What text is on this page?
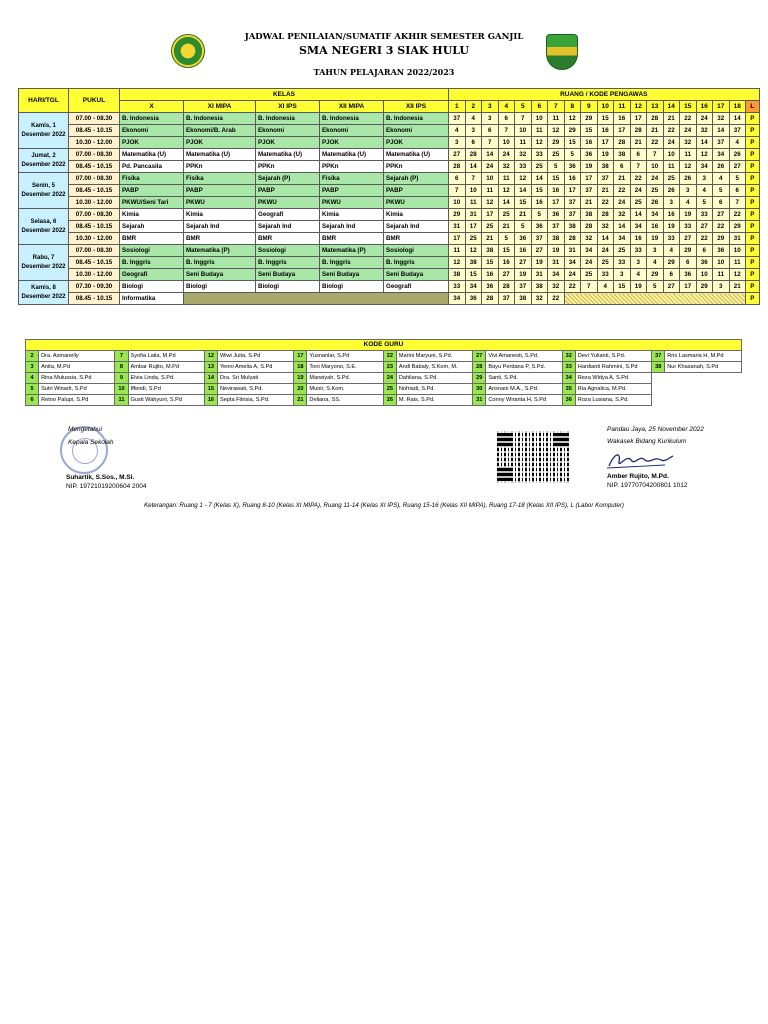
JADWAL PENILAIAN/SUMATIF AKHIR SEMESTER GANJIL
SMA NEGERI 3 SIAK HULU
TAHUN PELAJARAN 2022/2023
HARI/TGL	PUKUL	KELAS					RUANG / KODE PENGAWAS																		
		X	XI MIPA	XI IPS	XII MIPA	XII IPS	1	2	3	4	5	6	7	8	9	10	11	12	13	14	15	16	17	18	L
Kamis, 1 Desember 2022	07.00 - 08.30	B. Indonesia	B. Indonesia	B. Indonesia	B. Indonesia	B. Indonesia	37	4	3	6	7	10	11	12	29	15	16	17	28	21	22	24	32	14	P
	08.45 - 10.15	Ekonomi	Ekonomi/B. Arab	Ekonomi	Ekonomi	Ekonomi	4	3	6	7	10	11	12	29	15	16	17	28	21	22	24	32	14	37	P
	10.30 - 12.00	PJOK	PJOK	PJOK	PJOK	PJOK	3	6	7	10	11	12	29	15	16	17	28	21	22	24	32	14	37	4	P
Jumat, 2 Desember 2022	07.00 - 08.30	Matematika (U)	Matematika (U)	Matematika (U)	Matematika (U)	Matematika (U)	27	28	14	24	32	33	25	5	36	19	38	6	7	10	11	12	34	26	P
	08.45 - 10.15	Pd. Pancasila	PPKn	PPKn	PPKn	PPKn	28	14	24	32	33	25	5	36	19	38	6	7	10	11	12	34	26	27	P
Senin, 5 Desember 2022	07.00 - 08.30	Fisika	Fisika	Sejarah (P)	Fisika	Sejarah (P)	6	7	10	11	12	14	15	16	17	37	21	22	24	25	26	3	4	5	P
	08.45 - 10.15	PABP	PABP	PABP	PABP	PABP	7	10	11	12	14	15	16	17	37	21	22	24	25	26	3	4	5	6	P
	10.30 - 12.00	PKWU/Seni Tari	PKWU	PKWU	PKWU	PKWU	10	11	12	14	15	16	17	37	21	22	24	25	26	3	4	5	6	7	P
Selasa, 6 Desember 2022	07.00 - 08.30	Kimia	Kimia	Geografi	Kimia	Kimia	29	31	17	25	21	5	36	37	38	28	32	14	34	16	19	33	27	22	P
	08.45 - 10.15	Sejarah	Sejarah Ind	Sejarah Ind	Sejarah Ind	Sejarah Ind	31	17	25	21	5	36	37	38	28	32	14	34	16	19	33	27	22	29	P
	10.30 - 12.00	BMR	BMR	BMR	BMR	BMR	17	25	21	5	36	37	38	28	32	14	34	16	19	33	27	22	29	31	P
Rabu, 7 Desember 2022	07.00 - 08.30	Sosiologi	Matematika (P)	Sosiologi	Matematika (P)	Sosiologi	11	12	38	15	16	27	19	31	34	24	25	33	3	4	29	6	36	10	P
	08.45 - 10.15	B. Inggris	B. Inggris	B. Inggris	B. Inggris	B. Inggris	12	38	15	16	27	19	31	34	24	25	33	3	4	29	6	36	10	11	P
	10.30 - 12.00	Geografi	Seni Budaya	Seni Budaya	Seni Budaya	Seni Budaya	38	15	16	27	19	31	34	24	25	33	3	4	29	6	36	10	11	12	P
Kamis, 8 Desember 2022	07.30 - 09.30	Biologi	Biologi	Biologi	Biologi	Geografi	33	34	36	28	37	38	32	22	7	4	15	19	5	27	17	29	3	21	P
	08.45 - 10.15	Informatika					34	36	28	37	38	32	22												P
KODE GURU															
2	Dra. Asmanelly	7	Syofia Laila, M.Pd	12	Wiwi Juita, S.Pd	17	Yusnanlar, S.Pd	22	Marini Maryuni, S.Pd.	27	Vivi Amanesti, S.Pd.	32	Devi Yulianti, S.Pd.	37	Rris Lasmaria H, M.Pd
3	Anita, M.Pd	8	Ambar Rujito, M.Pd	13	Yenni Amelia A, S.Pd	18	Toni Maryono, S.E.	23	Andi Babaly, S.Kom, M.	28	Bayu Perdana P, S.Pd.	33	Hardianti Rahmini, S.Pd	38	Nur Khasanah, S.Pd
4	Rina Mulussia, S.Pd	9	Elvia Linda, S.Pd.	14	Dra. Sri Mulyati	19	Marwiyah, S.Pd.	24	Dahliana, S.Pd.	29	Santi, S.Pd.	34	Reza Widya A, S.Pd		
5	Sutri Winarti, S.Pd	10	Iffendi, S.Pd	15	Nevirawati, S.Pd.	20	Munir, S.Kom.	25	Nofriadi, S.Pd.	30	Ansnani M.A., S.Pd.	35	Ria Agnalica, M.Pd.		
6	Retno Palupi, S.Pd	11	Gusti Wahyuni, S.Pd	16	Septa Fitrisia, S.Pd.	21	Deliana, SS.	26	M. Rais, S.Pd.	31	Conny Wiranta H, S.Pd	36	Roza Lusiana, S.Pd.		
Mengetahui
Kepala Sekolah
Suhartik, S.Sos., M.Si.
NIP. 19721019200604 2004
Pandau Jaya, 25 November 2022
Wakasek Bidang Kurikulum
Amber Rujito, M.Pd.
NIP. 19770704200801 1012
Keterangan: Ruang 1 - 7 (Kelas X), Ruang 8-10 (Kelas XI MIPA), Ruang 11-14 (Kelas XI IPS), Ruang 15-16 (Kelas XII MIPA), Ruang 17-18 (Kelas XII IPS), L (Labor Komputer)
